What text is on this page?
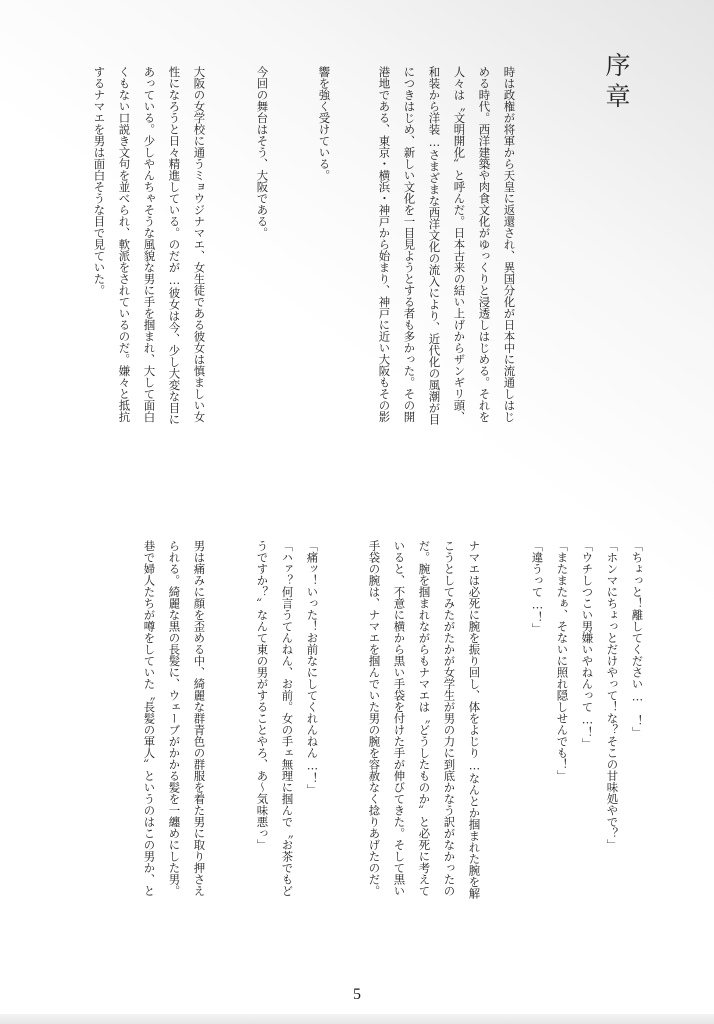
序章

時は政権が将軍から天皇に返還され、異国分化が日本中に流通しはじ

める時代。西洋建築や肉食文化がゆっくりと浸透しはじめる。それを

人々は〝文明開化〟と呼んだ。日本古来の結い上げからザンギリ頭、

和装から洋装…さまざまな西洋文化の流入により、近代化の風潮が目

につきはじめ、新しい文化を一目見ようとする者も多かった。その開

港地である、東京・横浜・神戸から始まり、神戸に近い大阪もその影

響を強く受けている。

今回の舞台はそう、大阪である。

大阪の女学校に通うミョウジナマエ、女生徒である彼女は慎ましい女

性になろうと日々精進している。のだが…彼女は今、少し大変な目に

あっている。少しやんちゃそうな風貌な男に手を掴まれ、大して面白

くもない口説き文句を並べられ、軟派をされているのだ。嫌々と抵抗

するナマエを男は面白そうな目で見ていた。

「ちょっと！離してください…　！」

「ホンマにちょっとだけやって！な？そこの甘味処やで？」

「ウチしつこい男嫌いやねんって…！」

「またまたぁ、そないに照れ隠しせんでも！」

「違うって…！」

ナマエは必死に腕を振り回し、体をよじり…なんとか掴まれた腕を解

こうとしてみたがたかが女学生が男の力に到底かなう訳がなかったの

だ。腕を掴まれながらもナマエは〝どうしたものか〟と必死に考えて

いると、不意に横から黒い手袋を付けた手が伸びてきた。そして黒い

手袋の腕は、ナマエを掴んでいた男の腕を容赦なく捻りあげたのだ。

「痛ッ！いった！お前なにしてくれんねん…！」

「ハァ？何言うてんねん、お前。女の手ェ無理に掴んで〝お茶でもど

うですか？〟なんて東の男がすることやろ、あ〜気味悪っ」

男は痛みに顔を歪める中、綺麗な群青色の群服を着た男に取り押さえ

られる。綺麗な黒の長髪に、ウェーブがかかる髪を一纏めにした男。

巷で婦人たちが噂をしていた〝長髪の軍人〟というのはこの男か、と

5
